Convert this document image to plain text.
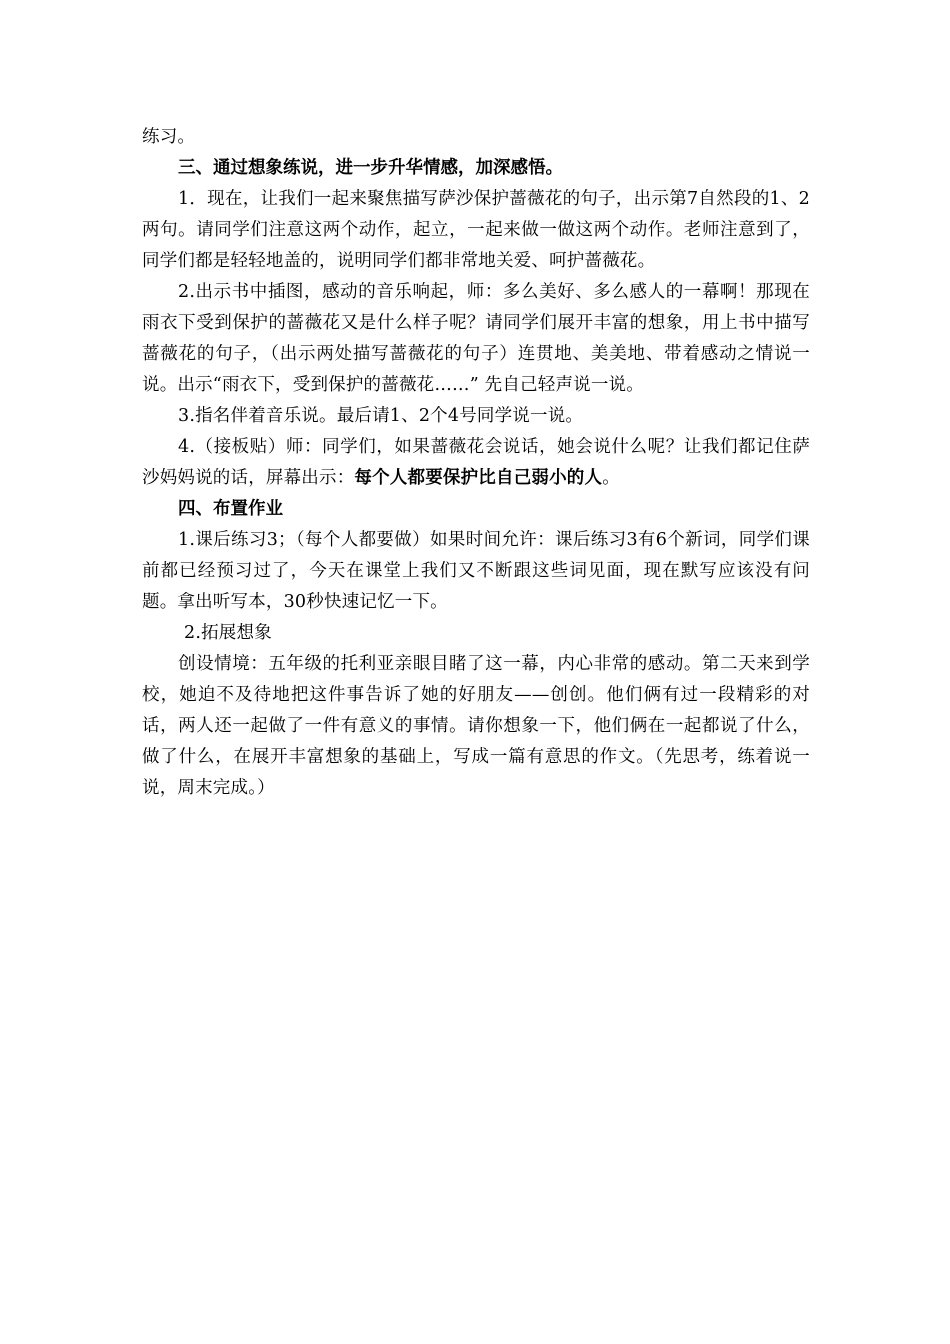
练习。

三、通过想象练说，进一步升华情感，加深感悟。

1．现在，让我们一起来聚焦描写萨沙保护蔷薇花的句子，出示第7自然段的1、2两句。请同学们注意这两个动作，起立，一起来做一做这两个动作。老师注意到了，同学们都是轻轻地盖的，说明同学们都非常地关爱、呵护蔷薇花。

2.出示书中插图，感动的音乐响起，师：多么美好、多么感人的一幕啊！那现在雨衣下受到保护的蔷薇花又是什么样子呢？请同学们展开丰富的想象，用上书中描写蔷薇花的句子，（出示两处描写蔷薇花的句子）连贯地、美美地、带着感动之情说一说。出示“雨衣下，受到保护的蔷薇花……” 先自己轻声说一说。

3.指名伴着音乐说。最后请1、2个4号同学说一说。

4.（接板贴）师：同学们，如果蔷薇花会说话，她会说什么呢？让我们都记住萨沙妈妈说的话，屏幕出示：每个人都要保护比自己弱小的人。

四、布置作业

1.课后练习3；（每个人都要做）如果时间允许：课后练习3有6个新词，同学们课前都已经预习过了，今天在课堂上我们又不断跟这些词见面，现在默写应该没有问题。拿出听写本，30秒快速记忆一下。

2.拓展想象

创设情境：五年级的托利亚亲眼目睹了这一幕，内心非常的感动。第二天来到学校，她迫不及待地把这件事告诉了她的好朋友——创创。他们俩有过一段精彩的对话，两人还一起做了一件有意义的事情。请你想象一下，他们俩在一起都说了什么，做了什么，在展开丰富想象的基础上，写成一篇有意思的作文。（先思考，练着说一说，周末完成。）
